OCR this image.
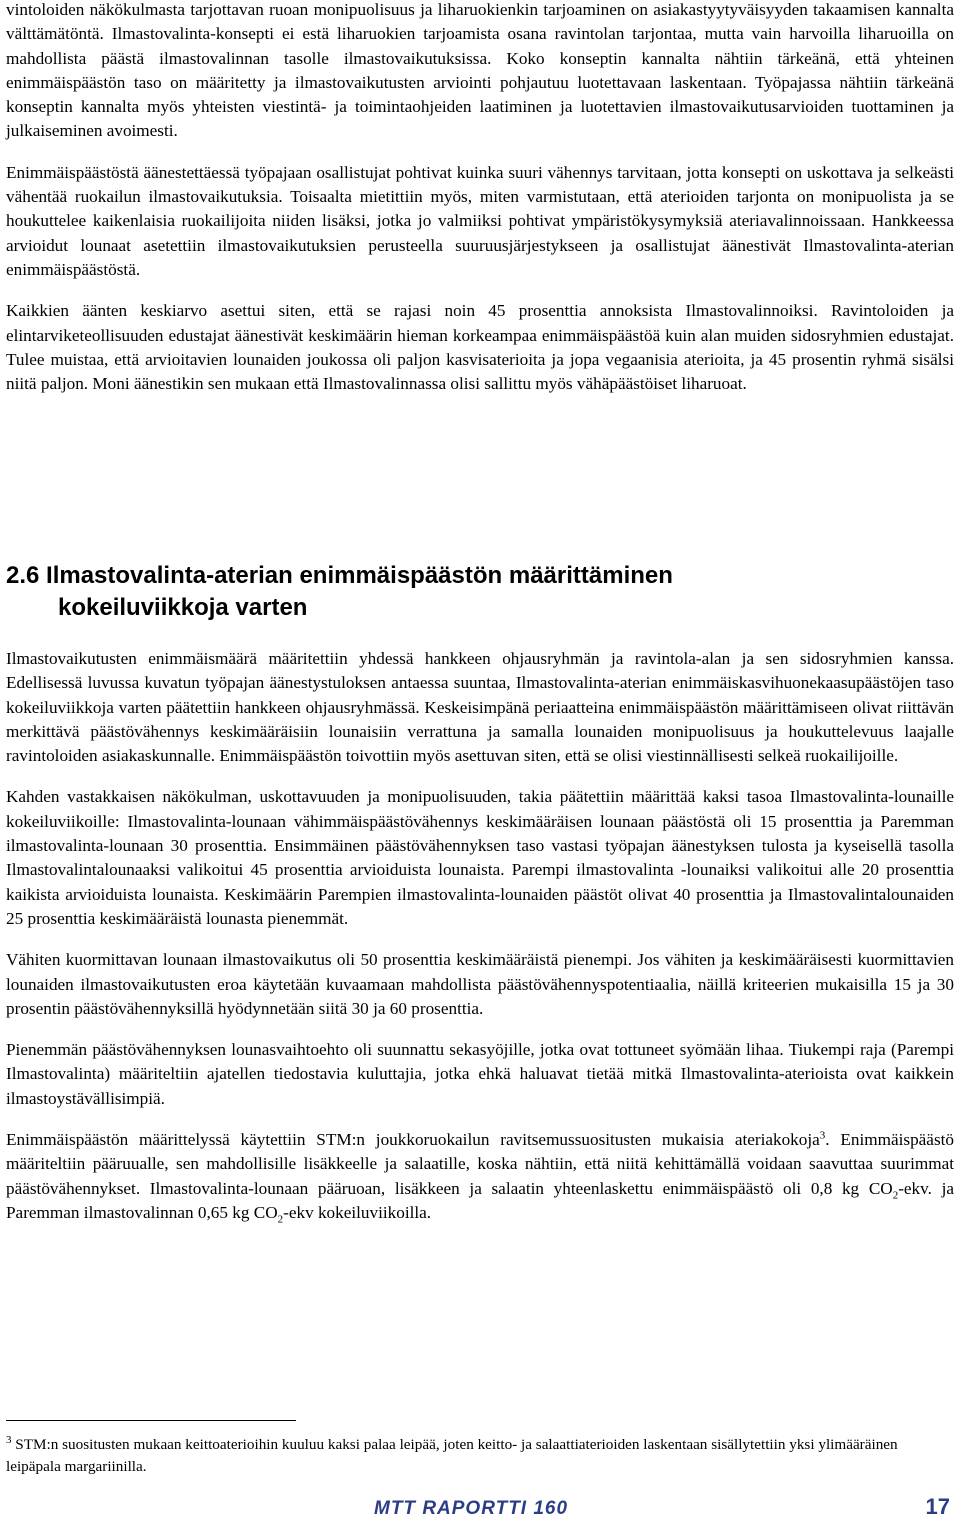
vintoloiden näkökulmasta tarjottavan ruoan monipuolisuus ja liharuokienkin tarjoaminen on asiakastyytyväisyyden takaamisen kannalta välttämätöntä. Ilmastovalinta-konsepti ei estä liharuokien tarjoamista osana ravintolan tarjontaa, mutta vain harvoilla liharuoilla on mahdollista päästä ilmastovalinnan tasolle ilmastovaikutuksissa. Koko konseptin kannalta nähtiin tärkeänä, että yhteinen enimmäispäästön taso on määritetty ja ilmastovaikutusten arviointi pohjautuu luotettavaan laskentaan. Työpajassa nähtiin tärkeänä konseptin kannalta myös yhteisten viestintä- ja toimintaohjeiden laatiminen ja luotettavien ilmastovaikutusarvioiden tuottaminen ja julkaiseminen avoimesti.

Enimmäispäästöstä äänestettäessä työpajaan osallistujat pohtivat kuinka suuri vähennys tarvitaan, jotta konsepti on uskottava ja selkeästi vähentää ruokailun ilmastovaikutuksia. Toisaalta mietittiin myös, miten varmistutaan, että aterioiden tarjonta on monipuolista ja se houkuttelee kaikenlaisia ruokailijoita niiden lisäksi, jotka jo valmiiksi pohtivat ympäristökysymyksiä ateriavalinnoissaan. Hankkeessa arvioidut lounaat asetettiin ilmastovaikutuksien perusteella suuruusjärjestykseen ja osallistujat äänestivät Ilmastovalinta-aterian enimmäispäästöstä.

Kaikkien äänten keskiarvo asettui siten, että se rajasi noin 45 prosenttia annoksista Ilmastovalinnoiksi. Ravintoloiden ja elintarviketeollisuuden edustajat äänestivät keskimäärin hieman korkeampaa enimmäispäästöä kuin alan muiden sidosryhmien edustajat. Tulee muistaa, että arvioitavien lounaiden joukossa oli paljon kasvisaterioita ja jopa vegaanisia aterioita, ja 45 prosentin ryhmä sisälsi niitä paljon. Moni äänestikin sen mukaan että Ilmastovalinnassa olisi sallittu myös vähäpäästöiset liharuoat.

2.6 Ilmastovalinta-aterian enimmäispäästön määrittäminen
kokeiluviikkoja varten

Ilmastovaikutusten enimmäismäärä määritettiin yhdessä hankkeen ohjausryhmän ja ravintola-alan ja sen sidosryhmien kanssa. Edellisessä luvussa kuvatun työpajan äänestystuloksen antaessa suuntaa, Ilmastovalinta-aterian enimmäiskasvihuonekaasupäästöjen taso kokeiluviikkoja varten päätettiin hankkeen ohjausryhmässä. Keskeisimpänä periaatteina enimmäispäästön määrittämiseen olivat riittävän merkittävä päästövähennys keskimääräisiin lounaisiin verrattuna ja samalla lounaiden monipuolisuus ja houkuttelevuus laajalle ravintoloiden asiakaskunnalle. Enimmäispäästön toivottiin myös asettuvan siten, että se olisi viestinnällisesti selkeä ruokailijoille.

Kahden vastakkaisen näkökulman, uskottavuuden ja monipuolisuuden, takia päätettiin määrittää kaksi tasoa Ilmastovalinta-lounaille kokeiluviikoille: Ilmastovalinta-lounaan vähimmäispäästövähennys keskimääräisen lounaan päästöstä oli 15 prosenttia ja Paremman ilmastovalinta-lounaan 30 prosenttia. Ensimmäinen päästövähennyksen taso vastasi työpajan äänestyksen tulosta ja kyseisellä tasolla Ilmastovalintalounaaksi valikoitui 45 prosenttia arvioiduista lounaista. Parempi ilmastovalinta -lounaiksi valikoitui alle 20 prosenttia kaikista arvioiduista lounaista. Keskimäärin Parempien ilmastovalinta-lounaiden päästöt olivat 40 prosenttia ja Ilmastovalintalounaiden 25 prosenttia keskimääräistä lounasta pienemmät.

Vähiten kuormittavan lounaan ilmastovaikutus oli 50 prosenttia keskimääräistä pienempi. Jos vähiten ja keskimääräisesti kuormittavien lounaiden ilmastovaikutusten eroa käytetään kuvaamaan mahdollista päästövähennyspotentiaalia, näillä kriteerien mukaisilla 15 ja 30 prosentin päästövähennyksillä hyödynnetään siitä 30 ja 60 prosenttia.

Pienemmän päästövähennyksen lounasvaihtoehto oli suunnattu sekasyöjille, jotka ovat tottuneet syömään lihaa. Tiukempi raja (Parempi Ilmastovalinta) määriteltiin ajatellen tiedostavia kuluttajia, jotka ehkä haluavat tietää mitkä Ilmastovalinta-aterioista ovat kaikkein ilmastoystävällisimpiä.

Enimmäispäästön määrittelyssä käytettiin STM:n joukkoruokailun ravitsemussuositusten mukaisia ateriakokoja$^3$. Enimmäispäästö määriteltiin pääruualle, sen mahdollisille lisäkkeelle ja salaatille, koska nähtiin, että niitä kehittämällä voidaan saavuttaa suurimmat päästövähennykset. Ilmastovalinta-lounaan pääruoan, lisäkkeen ja salaatin yhteenlaskettu enimmäispäästö oli 0,8 kg $CO_2$-ekv. ja Paremman ilmastovalinnan 0,65 kg $CO_2$-ekv kokeiluviikoilla.

$^3$ STM:n suositusten mukaan keittoaterioihin kuuluu kaksi palaa leipää, joten keitto- ja salaattiaterioiden laskentaan sisällytettiin yksi ylimääräinen leipäpala margariinilla.
MTT RAPORTTI 160	17
